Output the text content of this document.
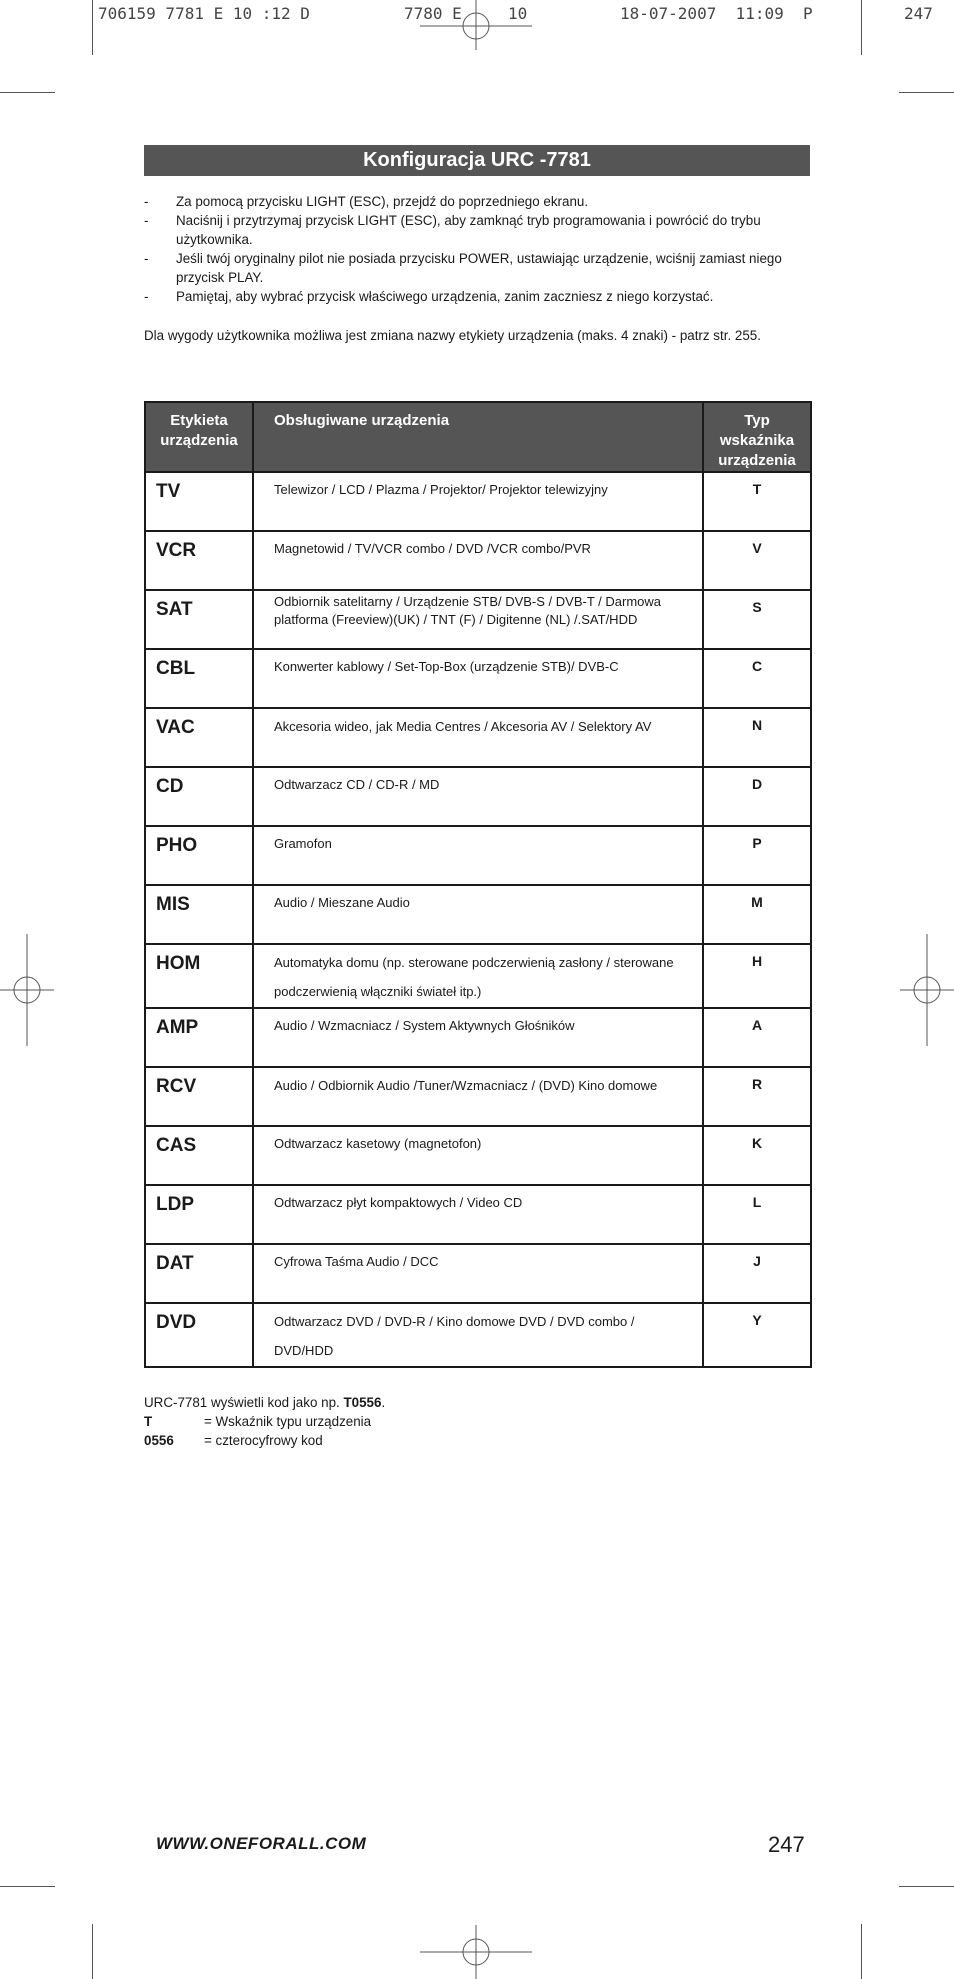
706159 7781 E 10 :12 D

	7780 E

	10

	18-07-2007  11:09  P

	247

Konfiguracja URC -7781
- Za pomocą przycisku LIGHT (ESC), przejdź do poprzedniego ekranu.
- Naciśnij i przytrzymaj przycisk LIGHT (ESC), aby zamknąć tryb programowania i powrócić do trybu użytkownika.
- Jeśli twój oryginalny pilot nie posiada przycisku POWER, ustawiając urządzenie, wciśnij zamiast niego przycisk PLAY.
- Pamiętaj, aby wybrać przycisk właściwego urządzenia, zanim zaczniesz z niego korzystać.
Dla wygody użytkownika możliwa jest zmiana nazwy etykiety urządzenia (maks. 4 znaki) - patrz str. 255.
Etykieta urządzenia	Obsługiwane urządzenia	Typ wskaźnika urządzenia
TV	Telewizor / LCD / Plazma / Projektor/ Projektor telewizyjny	T
VCR	Magnetowid / TV/VCR combo / DVD /VCR combo/PVR	V
SAT	Odbiornik satelitarny / Urządzenie STB/ DVB-S / DVB-T / Darmowa platforma (Freeview)(UK) / TNT (F) / Digitenne (NL) /.SAT/HDD	S
CBL	Konwerter kablowy / Set-Top-Box (urządzenie STB)/ DVB-C	C
VAC	Akcesoria wideo, jak Media Centres / Akcesoria AV / Selektory AV	N
CD	Odtwarzacz CD / CD-R / MD	D
PHO	Gramofon	P
MIS	Audio / Mieszane Audio	M
HOM	Automatyka domu (np. sterowane podczerwienią zasłony / sterowane podczerwienią włączniki świateł itp.)	H
AMP	Audio / Wzmacniacz / System Aktywnych Głośników	A
RCV	Audio / Odbiornik Audio /Tuner/Wzmacniacz / (DVD) Kino domowe	R
CAS	Odtwarzacz kasetowy (magnetofon)	K
LDP	Odtwarzacz płyt kompaktowych / Video CD	L
DAT	Cyfrowa Taśma Audio / DCC	J
DVD	Odtwarzacz DVD / DVD-R / Kino domowe DVD / DVD combo / DVD/HDD	Y
URC-7781 wyświetli kod jako np. T0556.
T	= Wskaźnik typu urządzenia
0556 = czterocyfrowy kod
WWW.ONEFORALL.COM	247
